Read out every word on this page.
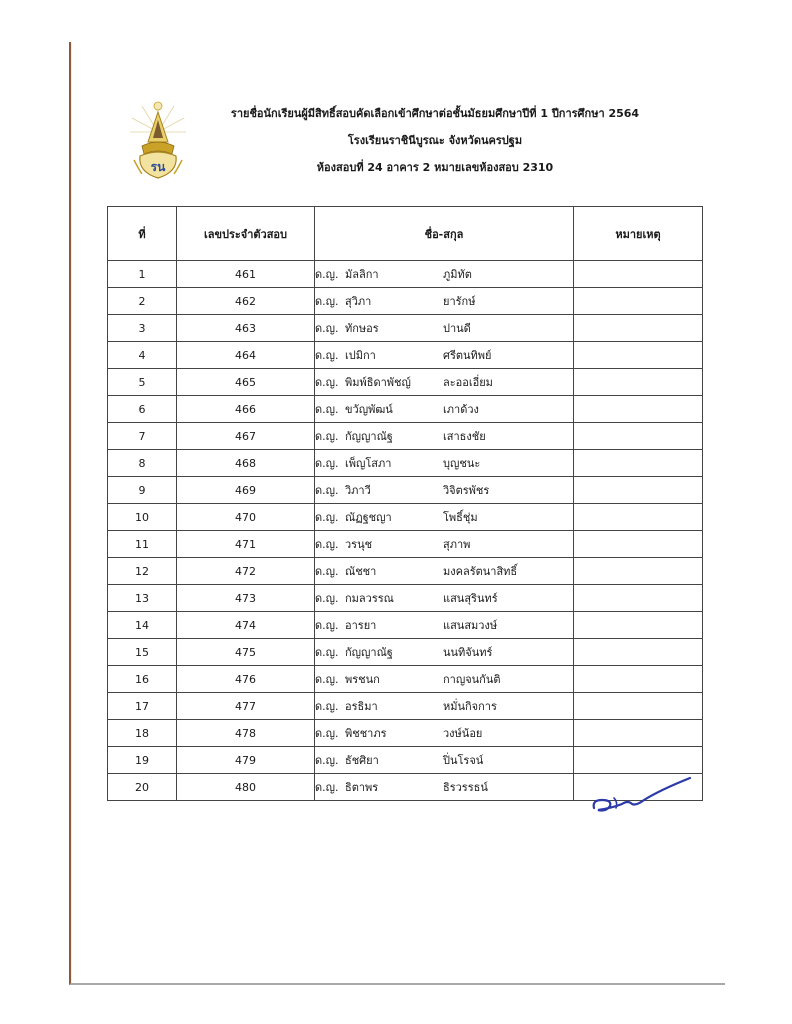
รน
รายชื่อนักเรียนผู้มีสิทธิ์สอบคัดเลือกเข้าศึกษาต่อชั้นมัธยมศึกษาปีที่ 1 ปีการศึกษา 2564
โรงเรียนราชินีบูรณะ จังหวัดนครปฐม
ห้องสอบที่ 24 อาคาร 2 หมายเลขห้องสอบ 2310
ที่	เลขประจำตัวสอบ	ชื่อ-สกุล	หมายเหตุ
1	461	ด.ญ. มัลลิกา ภูมิทัต	
2	462	ด.ญ. สุวิภา ยารักษ์	
3	463	ด.ญ. ทักษอร ปานดี	
4	464	ด.ญ. เปมิกา ศรีตนทิพย์	
5	465	ด.ญ. พิมพ์ธิดาพัชญ์ ละออเอี่ยม	
6	466	ด.ญ. ขวัญพัฒน์ เภาด้วง	
7	467	ด.ญ. กัญญาณัฐ เสาธงชัย	
8	468	ด.ญ. เพ็ญโสภา บุญชนะ	
9	469	ด.ญ. วิภาวี วิจิตรพัชร	
10	470	ด.ญ. ณัฏฐชญา โพธิ์ชุ่ม	
11	471	ด.ญ. วรนุช สุภาพ	
12	472	ด.ญ. ณัชชา มงคลรัตนาสิทธิ์	
13	473	ด.ญ. กมลวรรณ แสนสุรินทร์	
14	474	ด.ญ. อารยา แสนสมวงษ์	
15	475	ด.ญ. กัญญาณัฐ นนทิจันทร์	
16	476	ด.ญ. พรชนก กาญจนกันติ	
17	477	ด.ญ. อรธิมา หมั่นกิจการ	
18	478	ด.ญ. พิชชาภร วงษ์น้อย	
19	479	ด.ญ. ธัชศิยา ปิ่นโรจน์	
20	480	ด.ญ. ธิตาพร ธิรวรรธน์	
